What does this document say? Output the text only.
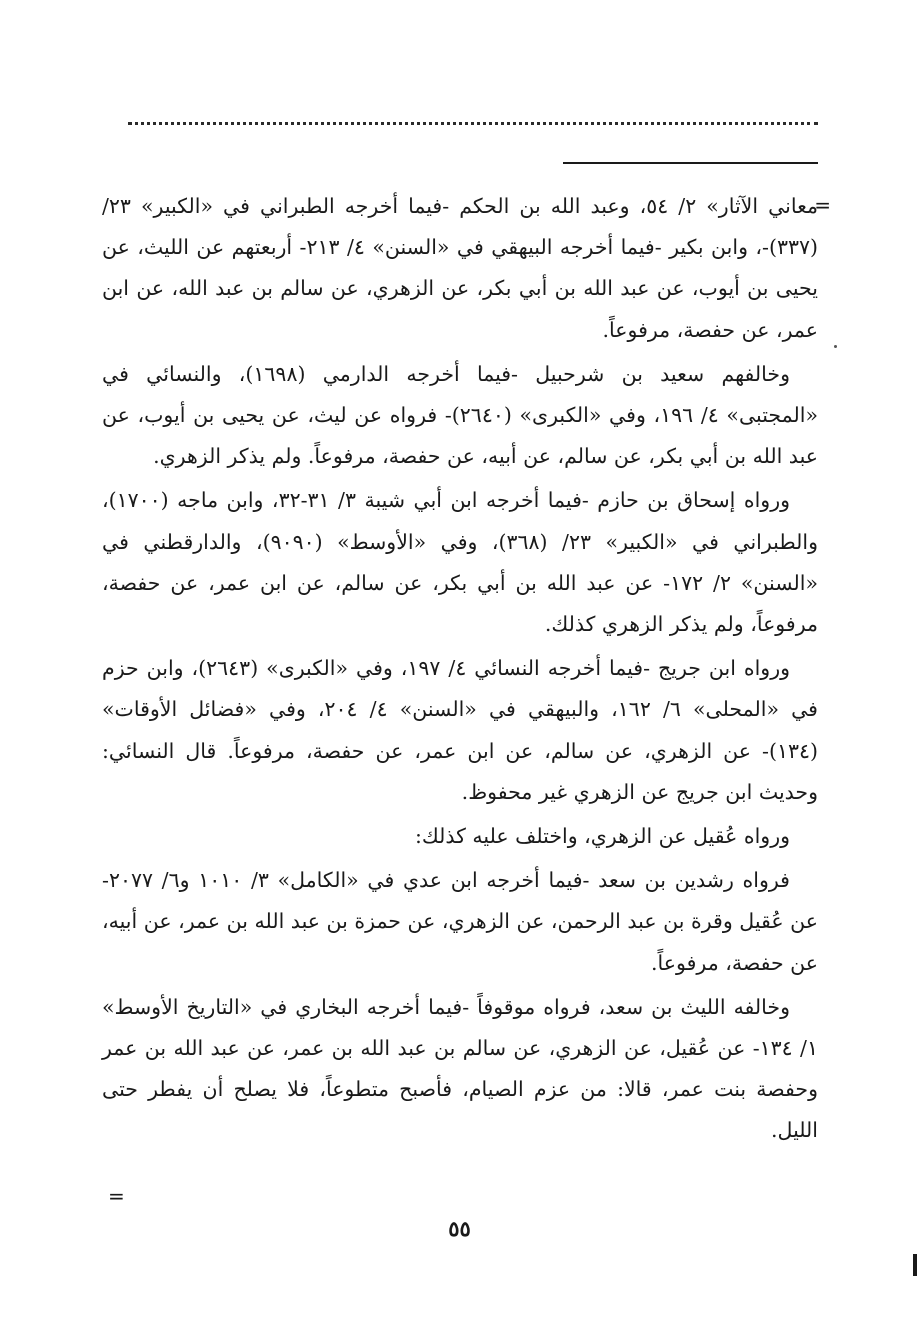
=

معاني الآثار» ٢/ ٥٤، وعبد الله بن الحكم -فيما أخرجه الطبراني في «الكبير» ٢٣/ (٣٣٧)-، وابن بكير -فيما أخرجه البيهقي في «السنن» ٤/ ٢١٣- أربعتهم عن الليث، عن يحيى بن أيوب، عن عبد الله بن أبي بكر، عن الزهري، عن سالم بن عبد الله، عن ابن عمر، عن حفصة، مرفوعاً.

وخالفهم سعيد بن شرحبيل -فيما أخرجه الدارمي (١٦٩٨)، والنسائي في «المجتبى» ٤/ ١٩٦، وفي «الكبرى» (٢٦٤٠)- فرواه عن ليث، عن يحيى بن أيوب، عن عبد الله بن أبي بكر، عن سالم، عن أبيه، عن حفصة، مرفوعاً. ولم يذكر الزهري.

ورواه إسحاق بن حازم -فيما أخرجه ابن أبي شيبة ٣/ ٣١-٣٢، وابن ماجه (١٧٠٠)، والطبراني في «الكبير» ٢٣/ (٣٦٨)، وفي «الأوسط» (٩٠٩٠)، والدارقطني في «السنن» ٢/ ١٧٢- عن عبد الله بن أبي بكر، عن سالم، عن ابن عمر، عن حفصة، مرفوعاً، ولم يذكر الزهري كذلك.

ورواه ابن جريج -فيما أخرجه النسائي ٤/ ١٩٧، وفي «الكبرى» (٢٦٤٣)، وابن حزم في «المحلى» ٦/ ١٦٢، والبيهقي في «السنن» ٤/ ٢٠٤، وفي «فضائل الأوقات» (١٣٤)- عن الزهري، عن سالم، عن ابن عمر، عن حفصة، مرفوعاً. قال النسائي: وحديث ابن جريج عن الزهري غير محفوظ.

ورواه عُقيل عن الزهري، واختلف عليه كذلك:

فرواه رشدين بن سعد -فيما أخرجه ابن عدي في «الكامل» ٣/ ١٠١٠ و٦/ ٢٠٧٧- عن عُقيل وقرة بن عبد الرحمن، عن الزهري، عن حمزة بن عبد الله بن عمر، عن أبيه، عن حفصة، مرفوعاً.

وخالفه الليث بن سعد، فرواه موقوفاً -فيما أخرجه البخاري في «التاريخ الأوسط» ١/ ١٣٤- عن عُقيل، عن الزهري، عن سالم بن عبد الله بن عمر، عن عبد الله بن عمر وحفصة بنت عمر، قالا: من عزم الصيام، فأصبح متطوعاً، فلا يصلح أن يفطر حتى الليل.

=
٥٥
